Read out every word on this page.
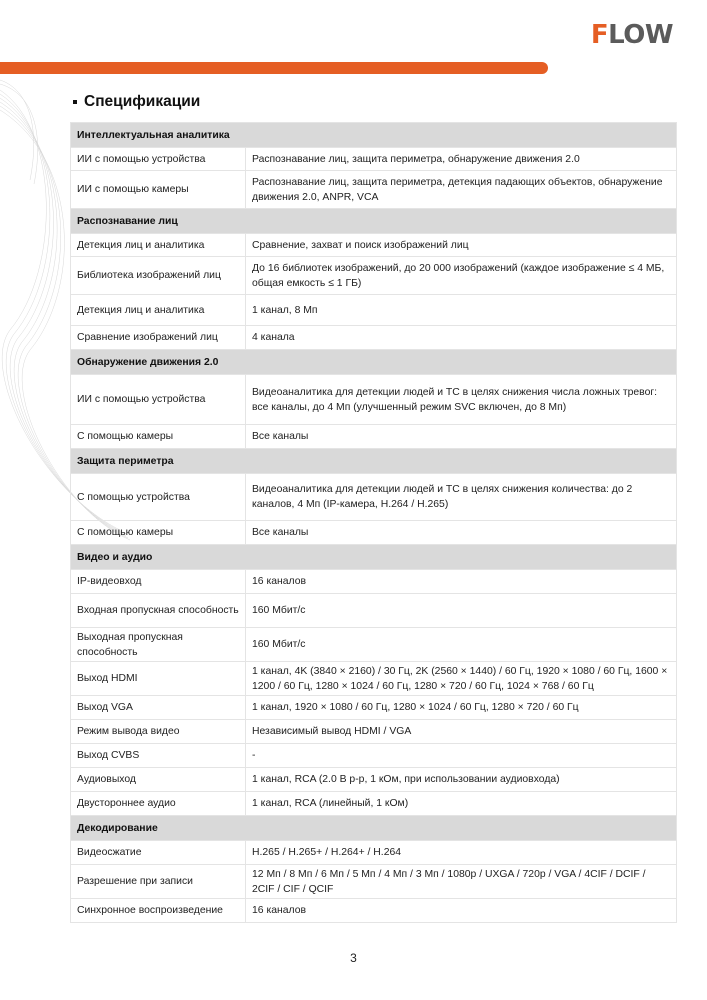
F LOW
Спецификации
Интеллектуальная аналитика	
ИИ с помощью устройства	Распознавание лиц, защита периметра, обнаружение движения 2.0
ИИ с помощью камеры	Распознавание лиц, защита периметра, детекция падающих объектов, обнаружение движения 2.0, ANPR, VCA
Распознавание лиц	
Детекция лиц и аналитика	Сравнение, захват и поиск изображений лиц
Библиотека изображений лиц	До 16 библиотек изображений, до 20 000 изображений (каждое изображение ≤ 4 МБ, общая емкость ≤ 1 ГБ)
Детекция лиц и аналитика	1 канал, 8 Мп
Сравнение изображений лиц	4 канала
Обнаружение движения 2.0	
ИИ с помощью устройства	Видеоаналитика для детекции людей и ТС в целях снижения числа ложных тревог: все каналы, до 4 Мп (улучшенный режим SVC включен, до 8 Мп)
С помощью камеры	Все каналы
Защита периметра	
С помощью устройства	Видеоаналитика для детекции людей и ТС в целях снижения количества: до 2 каналов, 4 Мп (IP-камера, H.264 / H.265)
С помощью камеры	Все каналы
Видео и аудио	
IP-видеовход	16 каналов
Входная пропускная способность	160 Мбит/с
Выходная пропускная способность	160 Мбит/с
Выход HDMI	1 канал, 4K (3840 × 2160) / 30 Гц, 2K (2560 × 1440) / 60 Гц, 1920 × 1080 / 60 Гц, 1600 × 1200 / 60 Гц, 1280 × 1024 / 60 Гц, 1280 × 720 / 60 Гц, 1024 × 768 / 60 Гц
Выход VGA	1 канал, 1920 × 1080 / 60 Гц, 1280 × 1024 / 60 Гц, 1280 × 720 / 60 Гц
Режим вывода видео	Независимый вывод HDMI / VGA
Выход CVBS	-
Аудиовыход	1 канал, RCA (2.0 В р-р, 1 кОм, при использовании аудиовхода)
Двустороннее аудио	1 канал, RCA (линейный, 1 кОм)
Декодирование	
Видеосжатие	H.265 / H.265+ / H.264+ / H.264
Разрешение при записи	12 Мп / 8 Мп / 6 Мп / 5 Мп / 4 Мп / 3 Мп / 1080p / UXGA / 720p / VGA / 4CIF / DCIF / 2CIF / CIF / QCIF
Синхронное воспроизведение	16 каналов
3
